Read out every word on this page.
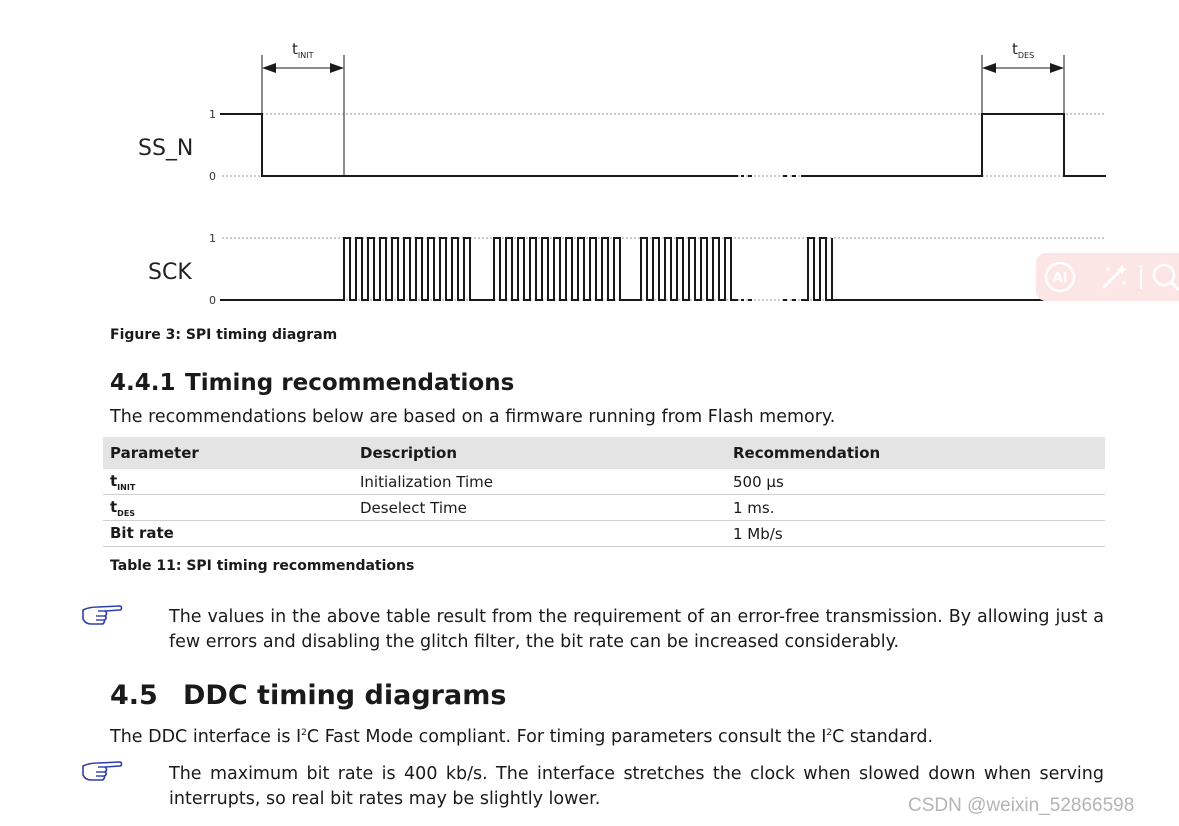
SS_N
SCK
1
0
1
0
$t_{INIT}$	$t_{DES}$
AI
Figure 3: SPI timing diagram
4.4.1 Timing recommendations
The recommendations below are based on a firmware running from Flash memory.
Parameter	Description	Recommendation
$t_{INIT}$	Initialization Time	500 µs
$t_{DES}$	Deselect Time	1 ms.
Bit rate		1 Mb/s
Table 11: SPI timing recommendations
The values in the above table result from the requirement of an error-free transmission. By allowing just a few errors and disabling the glitch filter, the bit rate can be increased considerably.
4.5 DDC timing diagrams
The DDC interface is $I^2C$ Fast Mode compliant. For timing parameters consult the $I^2C$ standard.
The maximum bit rate is 400 kb/s. The interface stretches the clock when slowed down when serving interrupts, so real bit rates may be slightly lower.	CSDN @weixin_52866598
